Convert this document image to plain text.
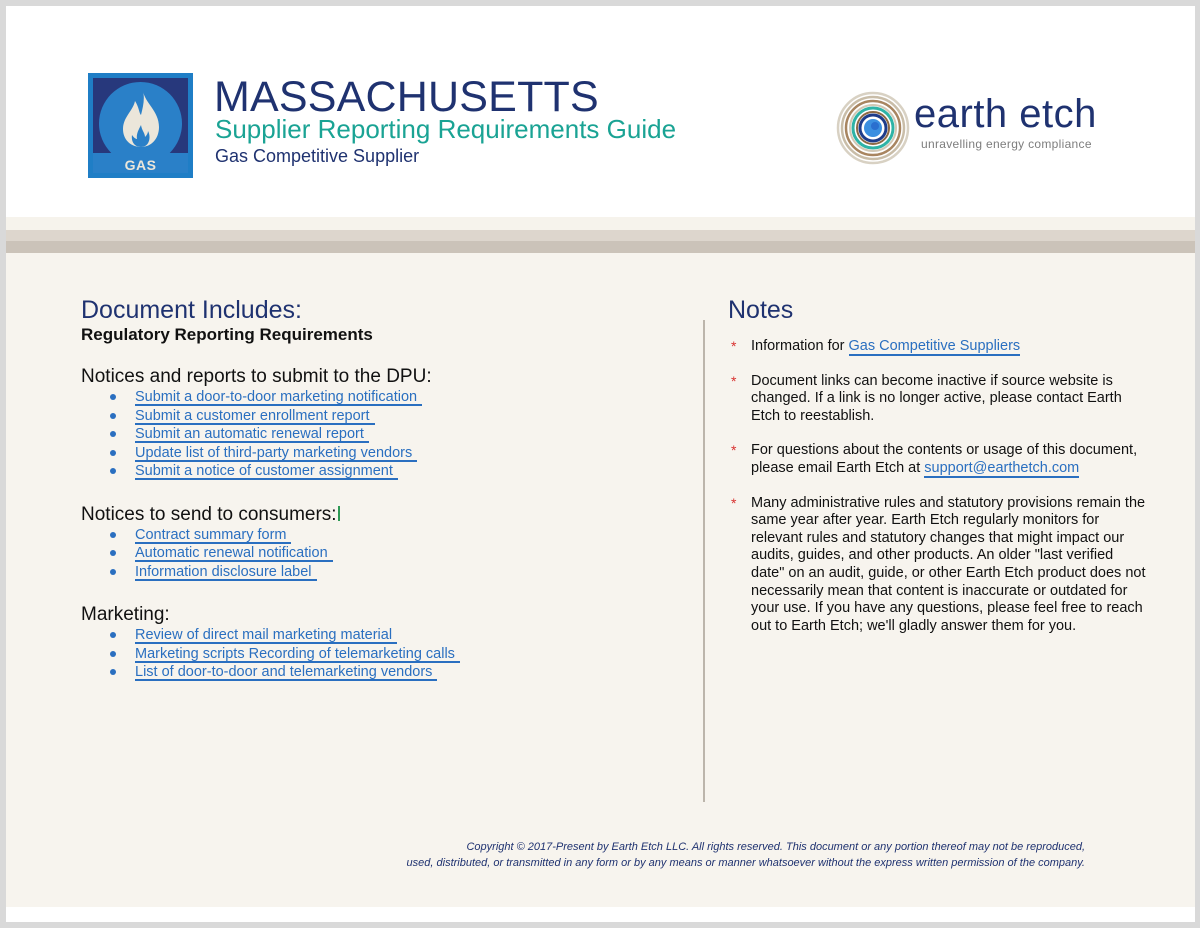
GAS
MASSACHUSETTS
Supplier Reporting Requirements Guide
Gas Competitive Supplier
earth etch
unravelling energy compliance
Document Includes:
Regulatory Reporting Requirements
Notices and reports to submit to the DPU:
Submit a door-to-door marketing notification
Submit a customer enrollment report
Submit an automatic renewal report
Update list of third-party marketing vendors
Submit a notice of customer assignment
Notices to send to consumers:
Contract summary form
Automatic renewal notification
Information disclosure label
Marketing:
Review of direct mail marketing material
Marketing scripts Recording of telemarketing calls
List of door-to-door and telemarketing vendors
Notes
* Information for Gas Competitive Suppliers
* Document links can become inactive if source website is changed. If a link is no longer active, please contact Earth Etch to reestablish.
* For questions about the contents or usage of this document, please email Earth Etch at support@earthetch.com
* Many administrative rules and statutory provisions remain the same year after year. Earth Etch regularly monitors for relevant rules and statutory changes that might impact our audits, guides, and other products. An older "last verified date" on an audit, guide, or other Earth Etch product does not necessarily mean that content is inaccurate or outdated for your use. If you have any questions, please feel free to reach out to Earth Etch; we'll gladly answer them for you.
Copyright © 2017-Present by Earth Etch LLC. All rights reserved. This document or any portion thereof may not be reproduced,
used, distributed, or transmitted in any form or by any means or manner whatsoever without the express written permission of the company.
